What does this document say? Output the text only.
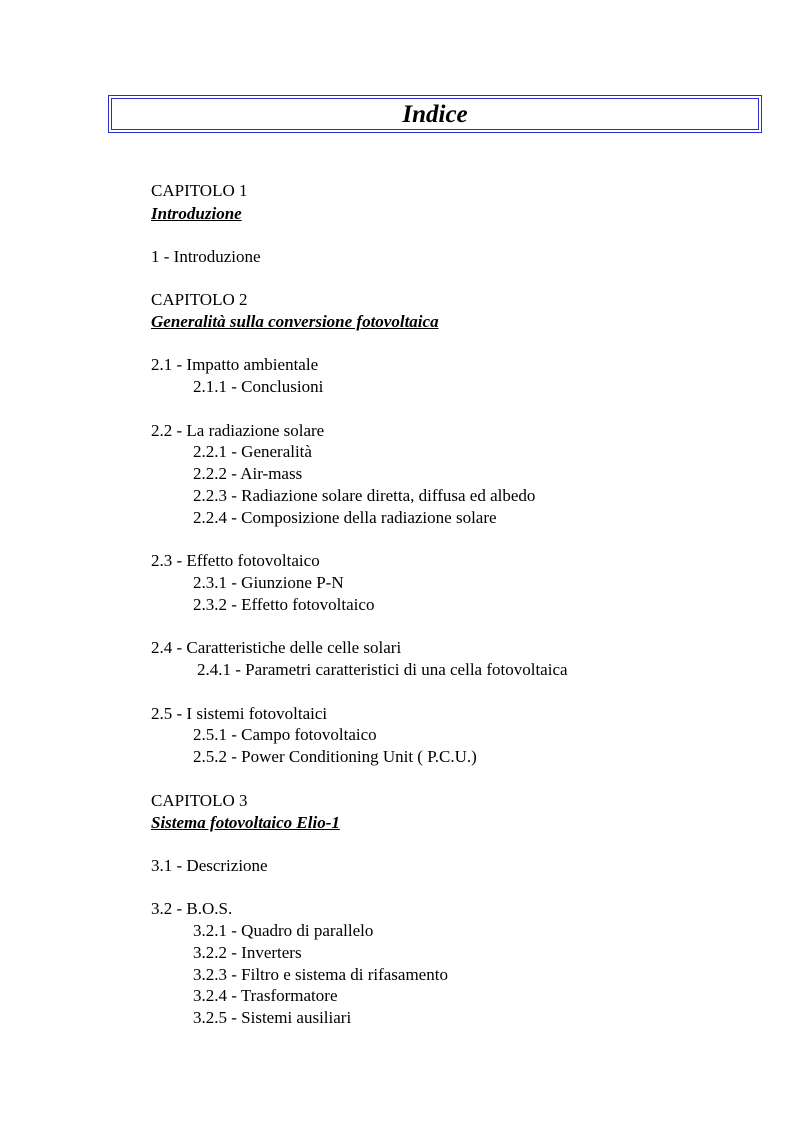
Indice
CAPITOLO 1
Introduzione
1 - Introduzione
CAPITOLO 2
Generalità sulla conversione fotovoltaica
2.1 - Impatto ambientale
2.1.1 - Conclusioni
2.2 - La radiazione solare
2.2.1 - Generalità
2.2.2 - Air-mass
2.2.3 - Radiazione solare diretta, diffusa ed albedo
2.2.4 - Composizione della radiazione solare
2.3 - Effetto fotovoltaico
2.3.1 - Giunzione P-N
2.3.2 - Effetto fotovoltaico
2.4 - Caratteristiche delle celle solari
2.4.1 - Parametri caratteristici di una cella fotovoltaica
2.5 - I sistemi fotovoltaici
2.5.1 - Campo fotovoltaico
2.5.2 - Power Conditioning Unit ( P.C.U.)
CAPITOLO 3
Sistema fotovoltaico Elio-1
3.1 - Descrizione
3.2 - B.O.S.
3.2.1 - Quadro di parallelo
3.2.2 - Inverters
3.2.3 - Filtro e sistema di rifasamento
3.2.4 - Trasformatore
3.2.5 - Sistemi ausiliari
